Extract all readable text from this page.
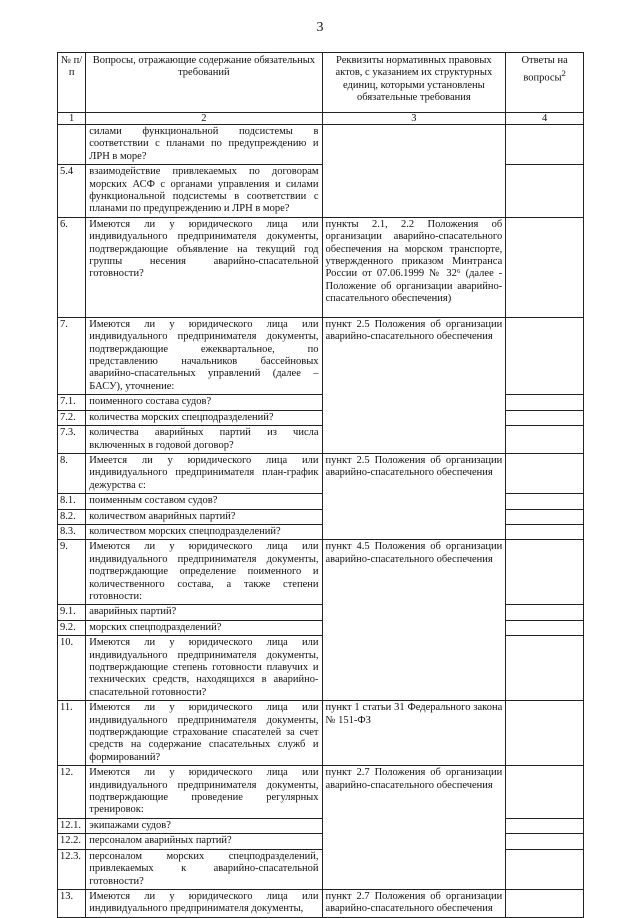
3
№ п/п	Вопросы, отражающие содержание обязательных требований	Реквизиты нормативных правовых актов, с указанием их структурных единиц, которыми установлены обязательные требования	Ответы на вопросы$^2$
1	2	3	4
	силами функциональной подсистемы в соответствии с планами по предупреждению и ЛРН в море?		
5.4	взаимодействие привлекаемых по договорам морских АСФ с органами управления и силами функциональной подсистемы в соответствии с планами по предупреждению и ЛРН в море?		
6.	Имеются ли у юридического лица или индивидуального предпринимателя документы, подтверждающие объявление на текущий год группы несения аварийно-спасательной готовности?	пункты 2.1, 2.2 Положения об организации аварийно-спасательного обеспечения на морском транспорте, утвержденного приказом Минтранса России от 07.06.1999 № 32⁶ (далее - Положение об организации аварийно-спасательного обеспечения)	
7.	Имеются ли у юридического лица или индивидуального предпринимателя документы, подтверждающие ежеквартальное, по представлению начальников бассейновых аварийно-спасательных управлений (далее – БАСУ), уточнение:	пункт 2.5 Положения об организации аварийно-спасательного обеспечения	
7.1.	поименного состава судов?		
7.2.	количества морских спецподразделений?		
7.3.	количества аварийных партий из числа включенных в годовой договор?		
8.	Имеется ли у юридического лица или индивидуального предпринимателя план-график дежурства с:	пункт 2.5 Положения об организации аварийно-спасательного обеспечения	
8.1.	поименным составом судов?		
8.2.	количеством аварийных партий?		
8.3.	количеством морских спецподразделений?		
9.	Имеются ли у юридического лица или индивидуального предпринимателя документы, подтверждающие определение поименного и количественного состава, а также степени готовности:	пункт 4.5 Положения об организации аварийно-спасательного обеспечения	
9.1.	аварийных партий?		
9.2.	морских спецподразделений?		
10.	Имеются ли у юридического лица или индивидуального предпринимателя документы, подтверждающие степень готовности плавучих и технических средств, находящихся в аварийно-спасательной готовности?		
11.	Имеются ли у юридического лица или индивидуального предпринимателя документы, подтверждающие страхование спасателей за счет средств на содержание спасательных служб и формирований?	пункт 1 статьи 31 Федерального закона № 151-ФЗ	
12.	Имеются ли у юридического лица или индивидуального предпринимателя документы, подтверждающие проведение регулярных тренировок:	пункт 2.7 Положения об организации аварийно-спасательного обеспечения	
12.1.	экипажами судов?		
12.2.	персоналом аварийных партий?		
12.3.	персоналом морских спецподразделений, привлекаемых к аварийно-спасательной готовности?		
13.	Имеются ли у юридического лица или индивидуального предпринимателя документы,	пункт 2.7 Положения об организации аварийно-спасательного обеспечения	
